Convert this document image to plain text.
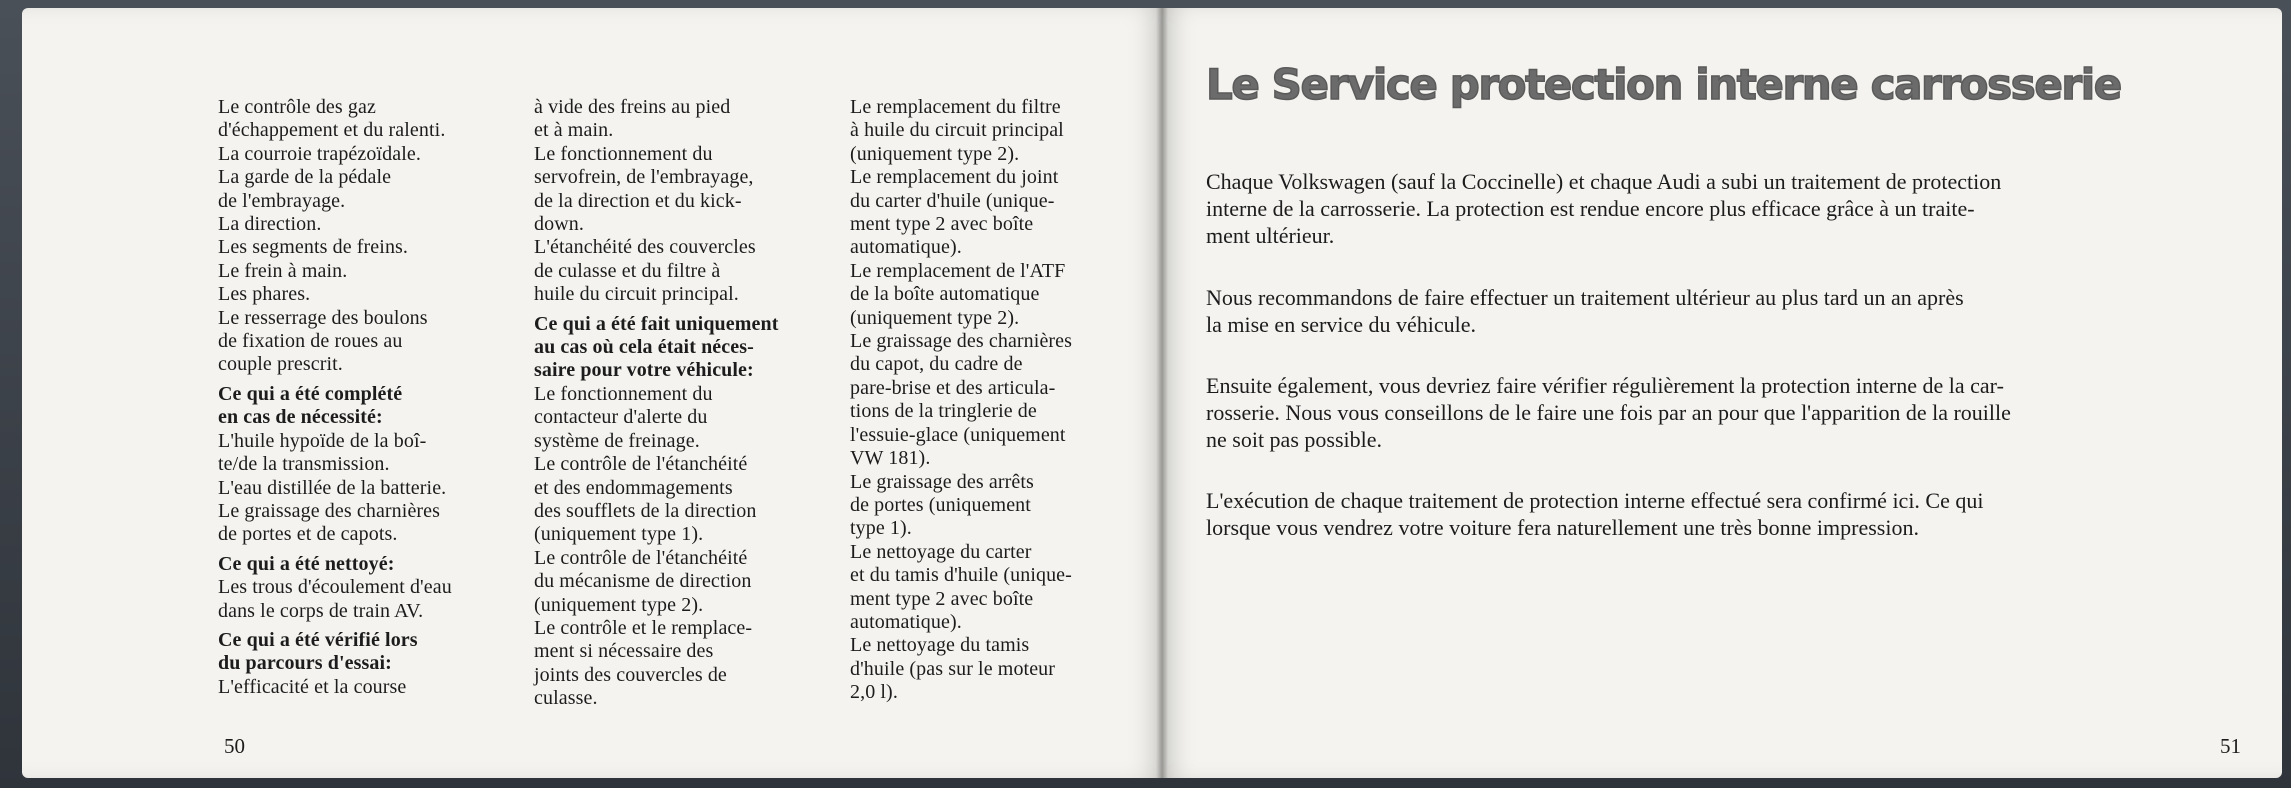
Le contrôle des gaz
d'échappement et du ralenti.
La courroie trapézoïdale.
La garde de la pédale
de l'embrayage.
La direction.
Les segments de freins.
Le frein à main.
Les phares.
Le resserrage des boulons
de fixation de roues au
couple prescrit.
Ce qui a été complété
en cas de nécessité:
L'huile hypoïde de la boî-
te/de la transmission.
L'eau distillée de la batterie.
Le graissage des charnières
de portes et de capots.
Ce qui a été nettoyé:
Les trous d'écoulement d'eau
dans le corps de train AV.
Ce qui a été vérifié lors
du parcours d'essai:
L'efficacité et la course
à vide des freins au pied
et à main.
Le fonctionnement du
servofrein, de l'embrayage,
de la direction et du kick-
down.
L'étanchéité des couvercles
de culasse et du filtre à
huile du circuit principal.
Ce qui a été fait uniquement
au cas où cela était néces-
saire pour votre véhicule:
Le fonctionnement du
contacteur d'alerte du
système de freinage.
Le contrôle de l'étanchéité
et des endommagements
des soufflets de la direction
(uniquement type 1).
Le contrôle de l'étanchéité
du mécanisme de direction
(uniquement type 2).
Le contrôle et le remplace-
ment si nécessaire des
joints des couvercles de
culasse.
Le remplacement du filtre
à huile du circuit principal
(uniquement type 2).
Le remplacement du joint
du carter d'huile (unique-
ment type 2 avec boîte
automatique).
Le remplacement de l'ATF
de la boîte automatique
(uniquement type 2).
Le graissage des charnières
du capot, du cadre de
pare-brise et des articula-
tions de la tringlerie de
l'essuie-glace (uniquement
VW 181).
Le graissage des arrêts
de portes (uniquement
type 1).
Le nettoyage du carter
et du tamis d'huile (unique-
ment type 2 avec boîte
automatique).
Le nettoyage du tamis
d'huile (pas sur le moteur
2,0 l).
50
Le Service protection interne carrosserie
Chaque Volkswagen (sauf la Coccinelle) et chaque Audi a subi un traitement de protection
interne de la carrosserie. La protection est rendue encore plus efficace grâce à un traite-
ment ultérieur.
Nous recommandons de faire effectuer un traitement ultérieur au plus tard un an après
la mise en service du véhicule.
Ensuite également, vous devriez faire vérifier régulièrement la protection interne de la car-
rosserie. Nous vous conseillons de le faire une fois par an pour que l'apparition de la rouille
ne soit pas possible.
L'exécution de chaque traitement de protection interne effectué sera confirmé ici. Ce qui
lorsque vous vendrez votre voiture fera naturellement une très bonne impression.
51
